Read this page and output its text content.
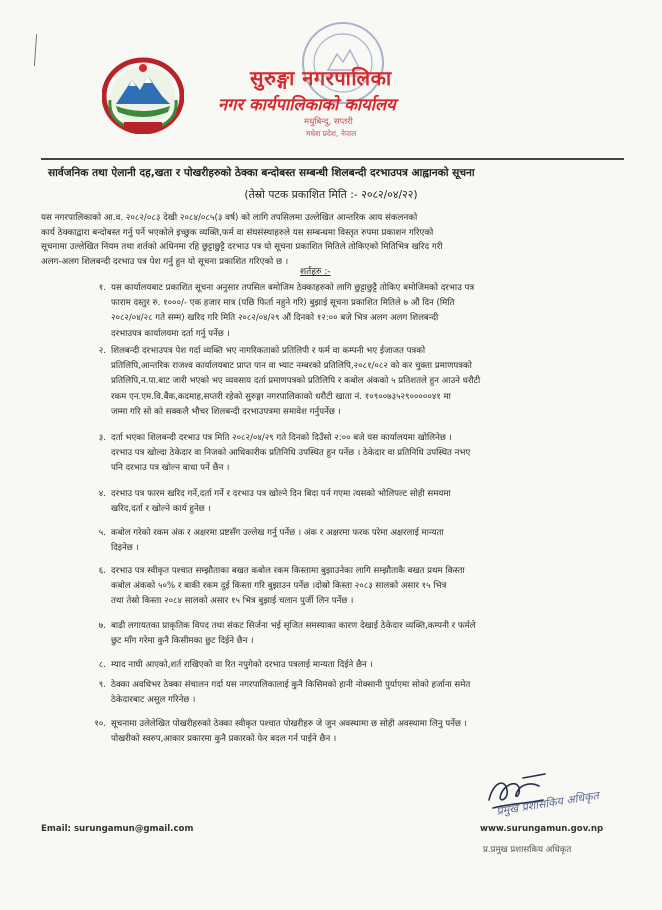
सुरुङ्गा नगरपालिका
नगर कार्यपालिकाको कार्यालय
मधुबिन्दु, सप्तरी
मधेश प्रदेश, नेपाल
सार्वजनिक तथा ऐलानी दह,खता र पोखरीहरुको ठेक्का बन्दोबस्त सम्बन्धी शिलबन्दी दरभाउपत्र आह्वानको सूचना
(तेस्रो पटक प्रकाशित मिति :- २०८२/०४/२२)
यस नगरपालिकाको आ.व. २०८२/०८३ देखी २०८४/०८५(३ वर्ष) को लागि तपसिलमा उल्लेखित आन्तरिक आय संकलनको
कार्य ठेक्काद्वारा बन्दोबस्त गर्नु पर्ने भएकोले इच्छुक व्यक्ति,फर्म वा संघसंस्थाहरुले यस सम्बन्धमा विस्तृत रुपमा प्रकाशन गरिएको
सूचनामा उल्लेखित नियम तथा शर्तको अधिनमा रहि छुट्टाछुट्टै दरभाउ पत्र यो सूचना प्रकाशित मितिले तोकिएको मितिभित्र खरिद गरी
अलग-अलग शिलबन्दी दरभाउ पत्र पेश गर्नु हुन यो सूचना प्रकाशित गरिएको छ ।
शर्तहरु :-
१. यस कार्यालयबाट प्रकाशित सूचना अनुसार तपसिल बमोजिम ठेक्काहरुको लागि छुट्टाछुट्टै तोकिए बमोजिमको दरभाउ पत्र
फाराम दस्तुर रु. १०००/- एक हजार मात्र (पछि फिर्ता नहुने गरि) बुझाई सूचना प्रकाशित मितिले ७ औं दिन (मिति
२०८२/०४/२८ गते सम्म) खरिद गरि मिति २०८२/०४/२९ औं दिनको १२:०० बजे भित्र अलग अलग शिलबन्दी
दरभाउपत्र कार्यालयमा दर्ता गर्नु पर्नेछ ।
२. शिलबन्दी दरभाउपत्र पेश गर्दा व्यक्ति भए नागरिकताको प्रतिलिपी र फर्म वा कम्पनी भए ईजाजत पत्रको
प्रतिलिपि,आन्तरिक राजश्व कार्यालयबाट प्राप्त पान वा भ्याट नम्बरको प्रतिलिपि,२०८१/०८२ को कर चुक्ता प्रमाणपत्रको
प्रतिलिपि,न.पा.बाट जारी भएको भए व्यवसाय दर्ता प्रमाणपत्रको प्रतिलिपि र कबोल अंकको ५ प्रतिशतले हुन आउने धरौटी
रकम एन.एम.वि.बैंक,कदमाह,सप्तरी रहेको सुरुङ्गा नगरपालिकाको धरौटी खाता नं. १०९००७३५२९०००००४१ मा
जम्मा गरि सो को सक्कलै भौचर शिलबन्दी दरभाउपत्रमा समावेश गर्नुपर्नेछ ।
३. दर्ता भएका शिलबन्दी दरभाउ पत्र मिति २०८२/०४/२९ गते दिनको दिउँसो २:०० बजे यस कार्यालयमा खोलिनेछ ।
दरभाउ पत्र खोल्दा ठेकेदार वा निजको आधिकारीक प्रतिनिधि उपस्थित हुन पर्नेछ । ठेकेदार वा प्रतिनिधि उपस्थित नभए
पनि दरभाउ पत्र खोल्न बाधा पर्ने छैन ।
४. दरभाउ पत्र फारम खरिद गर्ने,दर्ता गर्ने र दरभाउ पत्र खोल्ने दिन बिदा पर्न गएमा त्यसको भोलिपल्ट सोही समयमा
खरिद,दर्ता र खोल्ने कार्य हुनेछ ।
५. कबोल गरेको रकम अंक र अक्षरमा प्रष्टसँग उल्लेख गर्नु पर्नेछ । अंक र अक्षरमा फरक परेमा अक्षरलाई मान्यता
दिइनेछ ।
६. दरभाउ पत्र स्वीकृत पश्चात सम्झौताका बखत कबोल रकम किस्तामा बुझाउनेका लागि सम्झौताकै बखत प्रथम किस्ता
कबोल अंकको ५०% र बाकी रकम दुई किस्ता गरि बुझाउन पर्नेछ ।दोस्रो किस्ता २०८३ सालको असार १५ भित्र
तथा तेस्रो किस्ता २०८४ सालको असार १५ भित्र बुझाई चलान पुर्जी लिन पर्नेछ ।
७. बाढी लगायतका प्राकृतिक विपद तथा संकट सिर्जना भई सृजित समस्याका कारण देखाई ठेकेदार व्यक्ति,कम्पनी र फर्मले
छुट माँग गरेमा कुनै किसीमका छुट दिईने छैन ।
८. म्याद नाघी आएको,शर्त राखिएको वा रित नपुगेको दरभाउ पत्रलाई मान्यता दिईने छैन ।
९. ठेक्का अवधिभर ठेक्का संचालन गर्दा यस नगरपालिकालाई कुनै किसिमको हानी नोक्सानी पुर्याएमा सोको हर्जाना समेत
ठेकेदारबाट असुल गरिनेछ ।
१०. सूचनामा उलेलेखित पोखरीहरुको ठेक्का स्वीकृत पश्चात पोखरीहरु जे जुन अवस्थामा छ सोही अवस्थामा लिनु पर्नेछ ।
पोखरीको स्वरुप,आकार प्रकारमा कुनै प्रकारको फेर बदल गर्न पाईने छैन ।
प्रमुख प्रशासकिय अधिकृत
Email: surungamun@gmail.com	www.surungamun.gov.np
प्र.प्रमुख प्रशासकिय अधिकृत
